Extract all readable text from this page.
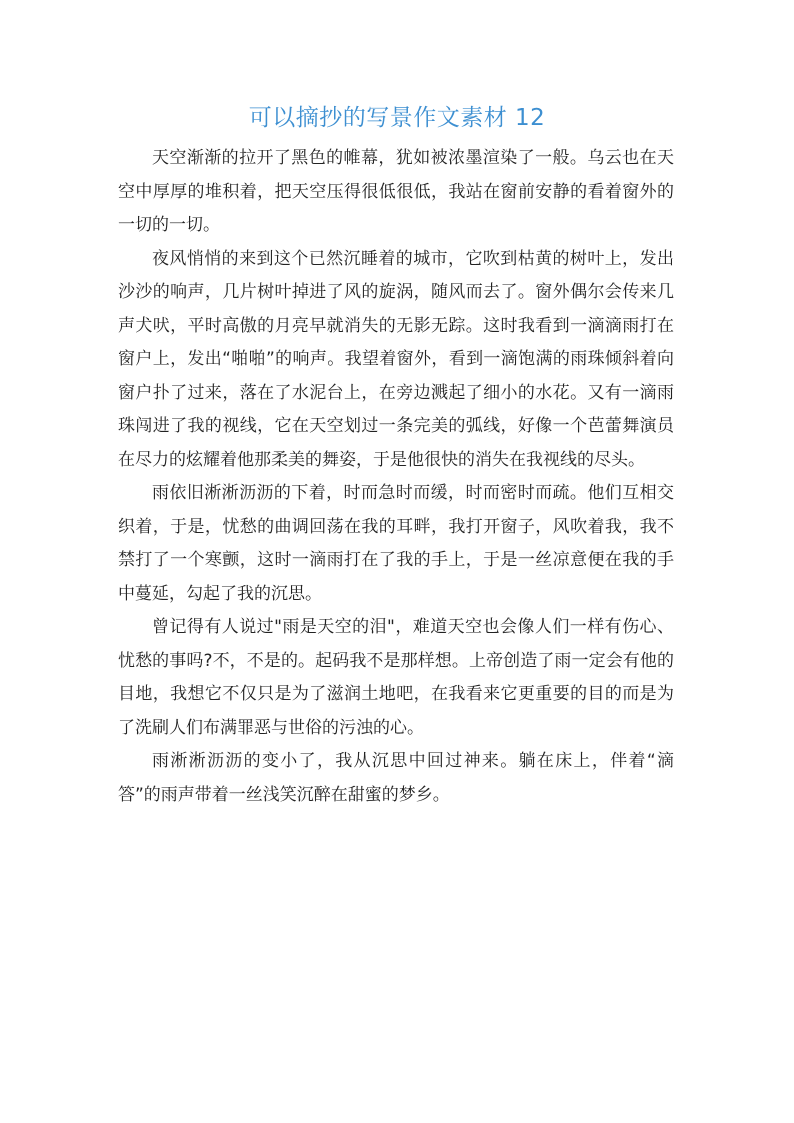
可以摘抄的写景作文素材 12

天空渐渐的拉开了黑色的帷幕，犹如被浓墨渲染了一般。乌云也在天空中厚厚的堆积着，把天空压得很低很低，我站在窗前安静的看着窗外的一切的一切。

夜风悄悄的来到这个已然沉睡着的城市，它吹到枯黄的树叶上，发出沙沙的响声，几片树叶掉进了风的旋涡，随风而去了。窗外偶尔会传来几声犬吠，平时高傲的月亮早就消失的无影无踪。这时我看到一滴滴雨打在窗户上，发出“啪啪”的响声。我望着窗外，看到一滴饱满的雨珠倾斜着向窗户扑了过来，落在了水泥台上，在旁边溅起了细小的水花。又有一滴雨珠闯进了我的视线，它在天空划过一条完美的弧线，好像一个芭蕾舞演员在尽力的炫耀着他那柔美的舞姿，于是他很快的消失在我视线的尽头。

雨依旧淅淅沥沥的下着，时而急时而缓，时而密时而疏。他们互相交织着，于是，忧愁的曲调回荡在我的耳畔，我打开窗子，风吹着我，我不禁打了一个寒颤，这时一滴雨打在了我的手上，于是一丝凉意便在我的手中蔓延，勾起了我的沉思。

曾记得有人说过"雨是天空的泪"，难道天空也会像人们一样有伤心、忧愁的事吗?不，不是的。起码我不是那样想。上帝创造了雨一定会有他的目地，我想它不仅只是为了滋润土地吧，在我看来它更重要的目的而是为了洗刷人们布满罪恶与世俗的污浊的心。

雨淅淅沥沥的变小了，我从沉思中回过神来。躺在床上，伴着“滴答”的雨声带着一丝浅笑沉醉在甜蜜的梦乡。
